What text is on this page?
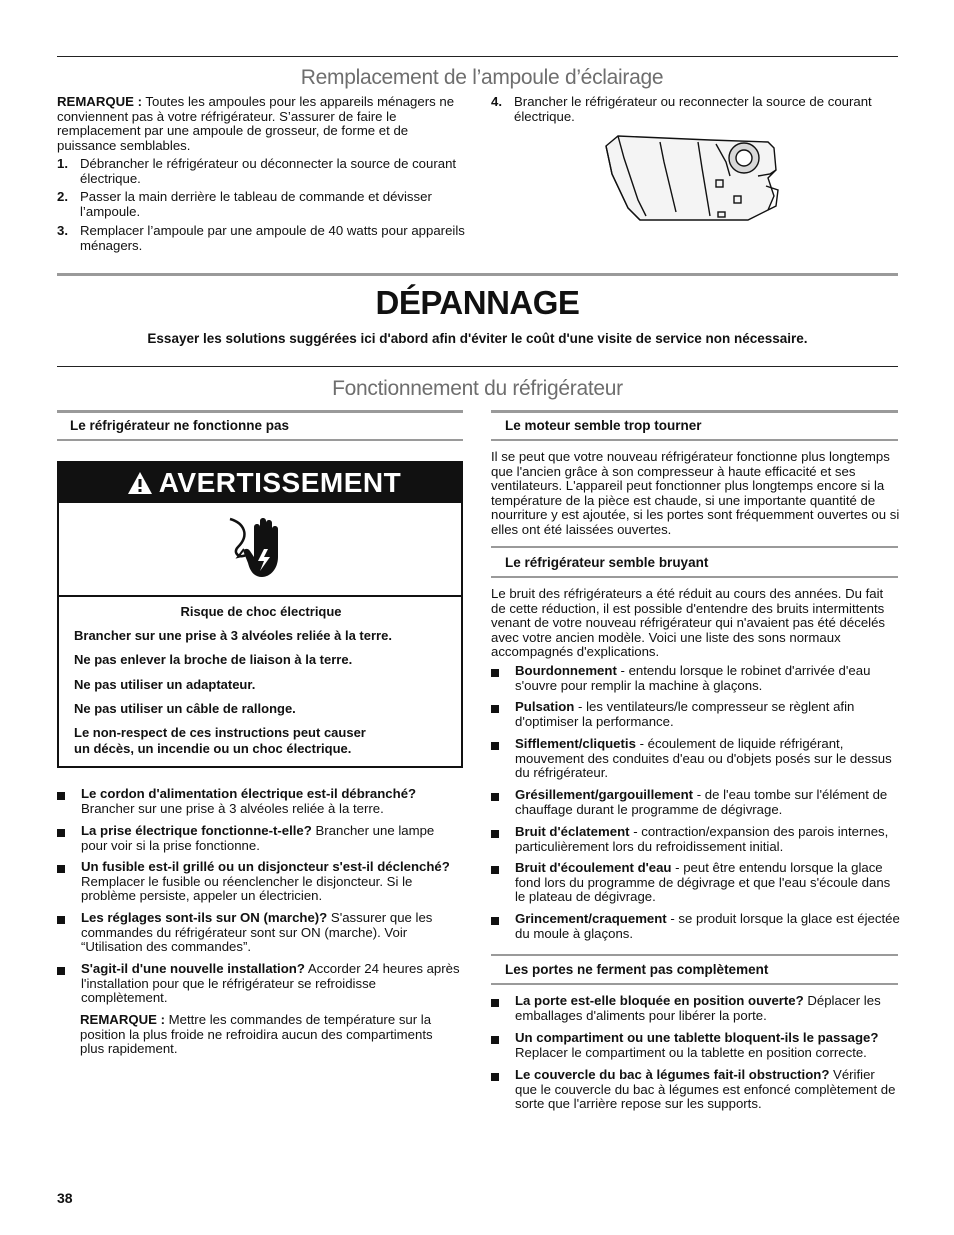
Remplacement de l’ampoule d’éclairage

REMARQUE : Toutes les ampoules pour les appareils ménagers ne conviennent pas à votre réfrigérateur. S’assurer de faire le remplacement par une ampoule de grosseur, de forme et de puissance semblables.

1. Débrancher le réfrigérateur ou déconnecter la source de courant électrique.

2. Passer la main derrière le tableau de commande et dévisser l’ampoule.

3. Remplacer l’ampoule par une ampoule de 40 watts pour appareils ménagers.

4. Brancher le réfrigérateur ou reconnecter la source de courant électrique.

DÉPANNAGE
Essayer les solutions suggérées ici d'abord afin d'éviter le coût d'une visite de service non nécessaire.
Fonctionnement du réfrigérateur
Le réfrigérateur ne fonctionne pas
AVERTISSEMENT
Risque de choc électrique
Brancher sur une prise à 3 alvéoles reliée à la terre.
Ne pas enlever la broche de liaison à la terre.
Ne pas utiliser un adaptateur.
Ne pas utiliser un câble de rallonge.
Le non-respect de ces instructions peut causer
un décès, un incendie ou un choc électrique.

Le cordon d'alimentation électrique est-il débranché? Brancher sur une prise à 3 alvéoles reliée à la terre.

La prise électrique fonctionne-t-elle? Brancher une lampe pour voir si la prise fonctionne.

Un fusible est-il grillé ou un disjoncteur s'est-il déclenché? Remplacer le fusible ou réenclencher le disjoncteur. Si le problème persiste, appeler un électricien.

Les réglages sont-ils sur ON (marche)? S'assurer que les commandes du réfrigérateur sont sur ON (marche). Voir “Utilisation des commandes”.

S'agit-il d'une nouvelle installation? Accorder 24 heures après l'installation pour que le réfrigérateur se refroidisse complètement.

REMARQUE : Mettre les commandes de température sur la position la plus froide ne refroidira aucun des compartiments plus rapidement.

Le moteur semble trop tourner
Il se peut que votre nouveau réfrigérateur fonctionne plus longtemps que l'ancien grâce à son compresseur à haute efficacité et ses ventilateurs. L'appareil peut fonctionner plus longtemps encore si la température de la pièce est chaude, si une importante quantité de nourriture y est ajoutée, si les portes sont fréquemment ouvertes ou si elles ont été laissées ouvertes.
Le réfrigérateur semble bruyant
Le bruit des réfrigérateurs a été réduit au cours des années. Du fait de cette réduction, il est possible d'entendre des bruits intermittents venant de votre nouveau réfrigérateur qui n'avaient pas été décelés avec votre ancien modèle. Voici une liste des sons normaux accompagnés d'explications.

Bourdonnement - entendu lorsque le robinet d'arrivée d'eau s'ouvre pour remplir la machine à glaçons.

Pulsation - les ventilateurs/le compresseur se règlent afin d'optimiser la performance.

Sifflement/cliquetis - écoulement de liquide réfrigérant, mouvement des conduites d'eau ou d'objets posés sur le dessus du réfrigérateur.

Grésillement/gargouillement - de l'eau tombe sur l'élément de chauffage durant le programme de dégivrage.

Bruit d'éclatement - contraction/expansion des parois internes, particulièrement lors du refroidissement initial.

Bruit d'écoulement d'eau - peut être entendu lorsque la glace fond lors du programme de dégivrage et que l'eau s'écoule dans le plateau de dégivrage.

Grincement/craquement - se produit lorsque la glace est éjectée du moule à glaçons.

Les portes ne ferment pas complètement

La porte est-elle bloquée en position ouverte? Déplacer les emballages d'aliments pour libérer la porte.

Un compartiment ou une tablette bloquent-ils le passage? Replacer le compartiment ou la tablette en position correcte.

Le couvercle du bac à légumes fait-il obstruction? Vérifier que le couvercle du bac à légumes est enfoncé complètement de sorte que l'arrière repose sur les supports.

38
